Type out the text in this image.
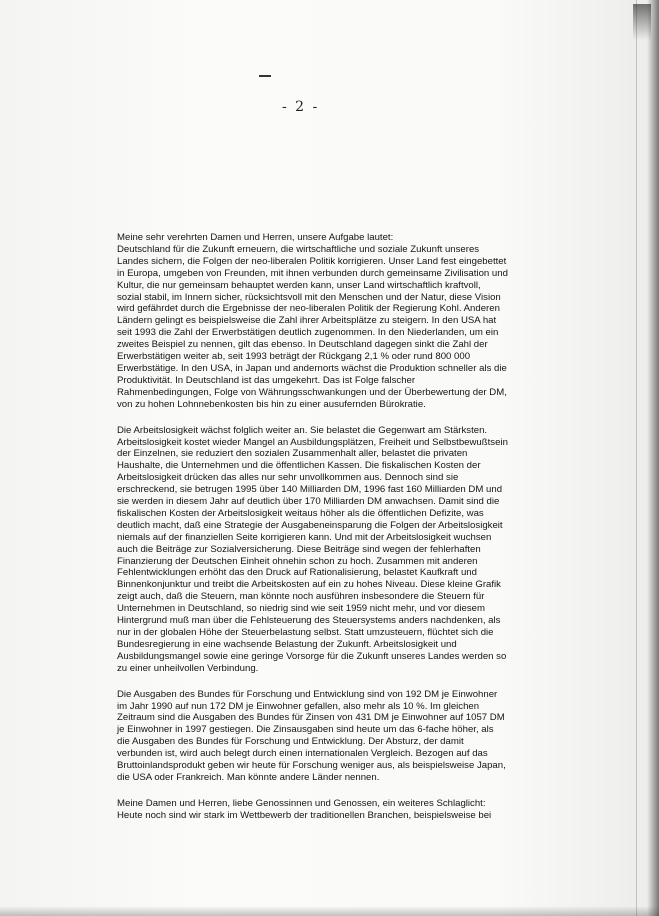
- 2 -

Meine sehr verehrten Damen und Herren, unsere Aufgabe lautet:
Deutschland für die Zukunft erneuern, die wirtschaftliche und soziale Zukunft unseres
Landes sichern, die Folgen der neo-liberalen Politik korrigieren. Unser Land fest eingebettet
in Europa, umgeben von Freunden, mit ihnen verbunden durch gemeinsame Zivilisation und
Kultur, die nur gemeinsam behauptet werden kann, unser Land wirtschaftlich kraftvoll,
sozial stabil, im Innern sicher, rücksichtsvoll mit den Menschen und der Natur, diese Vision
wird gefährdet durch die Ergebnisse der neo-liberalen Politik der Regierung Kohl. Anderen
Ländern gelingt es beispielsweise die Zahl ihrer Arbeitsplätze zu steigern. In den USA hat
seit 1993 die Zahl der Erwerbstätigen deutlich zugenommen. In den Niederlanden, um ein
zweites Beispiel zu nennen, gilt das ebenso. In Deutschland dagegen sinkt die Zahl der
Erwerbstätigen weiter ab, seit 1993 beträgt der Rückgang 2,1 % oder rund 800 000
Erwerbstätige. In den USA, in Japan und andernorts wächst die Produktion schneller als die
Produktivität. In Deutschland ist das umgekehrt. Das ist Folge falscher
Rahmenbedingungen, Folge von Währungsschwankungen und der Überbewertung der DM,
von zu hohen Lohnnebenkosten bis hin zu einer ausufernden Bürokratie.

Die Arbeitslosigkeit wächst folglich weiter an. Sie belastet die Gegenwart am Stärksten.
Arbeitslosigkeit kostet wieder Mangel an Ausbildungsplätzen, Freiheit und Selbstbewußtsein
der Einzelnen, sie reduziert den sozialen Zusammenhalt aller, belastet die privaten
Haushalte, die Unternehmen und die öffentlichen Kassen. Die fiskalischen Kosten der
Arbeitslosigkeit drücken das alles nur sehr unvollkommen aus. Dennoch sind sie
erschreckend, sie betrugen 1995 über 140 Milliarden DM, 1996 fast 160 Milliarden DM und
sie werden in diesem Jahr auf deutlich über 170 Milliarden DM anwachsen. Damit sind die
fiskalischen Kosten der Arbeitslosigkeit weitaus höher als die öffentlichen Defizite, was
deutlich macht, daß eine Strategie der Ausgabeneinsparung die Folgen der Arbeitslosigkeit
niemals auf der finanziellen Seite korrigieren kann. Und mit der Arbeitslosigkeit wuchsen
auch die Beiträge zur Sozialversicherung. Diese Beiträge sind wegen der fehlerhaften
Finanzierung der Deutschen Einheit ohnehin schon zu hoch. Zusammen mit anderen
Fehlentwicklungen erhöht das den Druck auf Rationalisierung, belastet Kaufkraft und
Binnenkonjunktur und treibt die Arbeitskosten auf ein zu hohes Niveau. Diese kleine Grafik
zeigt auch, daß die Steuern, man könnte noch ausführen insbesondere die Steuern für
Unternehmen in Deutschland, so niedrig sind wie seit 1959 nicht mehr, und vor diesem
Hintergrund muß man über die Fehlsteuerung des Steuersystems anders nachdenken, als
nur in der globalen Höhe der Steuerbelastung selbst. Statt umzusteuern, flüchtet sich die
Bundesregierung in eine wachsende Belastung der Zukunft. Arbeitslosigkeit und
Ausbildungsmangel sowie eine geringe Vorsorge für die Zukunft unseres Landes werden so
zu einer unheilvollen Verbindung.

Die Ausgaben des Bundes für Forschung und Entwicklung sind von 192 DM je Einwohner
im Jahr 1990 auf nun 172 DM je Einwohner gefallen, also mehr als 10 %. Im gleichen
Zeitraum sind die Ausgaben des Bundes für Zinsen von 431 DM je Einwohner auf 1057 DM
je Einwohner in 1997 gestiegen. Die Zinsausgaben sind heute um das 6-fache höher, als
die Ausgaben des Bundes für Forschung und Entwicklung. Der Absturz, der damit
verbunden ist, wird auch belegt durch einen internationalen Vergleich. Bezogen auf das
Bruttoinlandsprodukt geben wir heute für Forschung weniger aus, als beispielsweise Japan,
die USA oder Frankreich. Man könnte andere Länder nennen.

Meine Damen und Herren, liebe Genossinnen und Genossen, ein weiteres Schlaglicht:
Heute noch sind wir stark im Wettbewerb der traditionellen Branchen, beispielsweise bei
